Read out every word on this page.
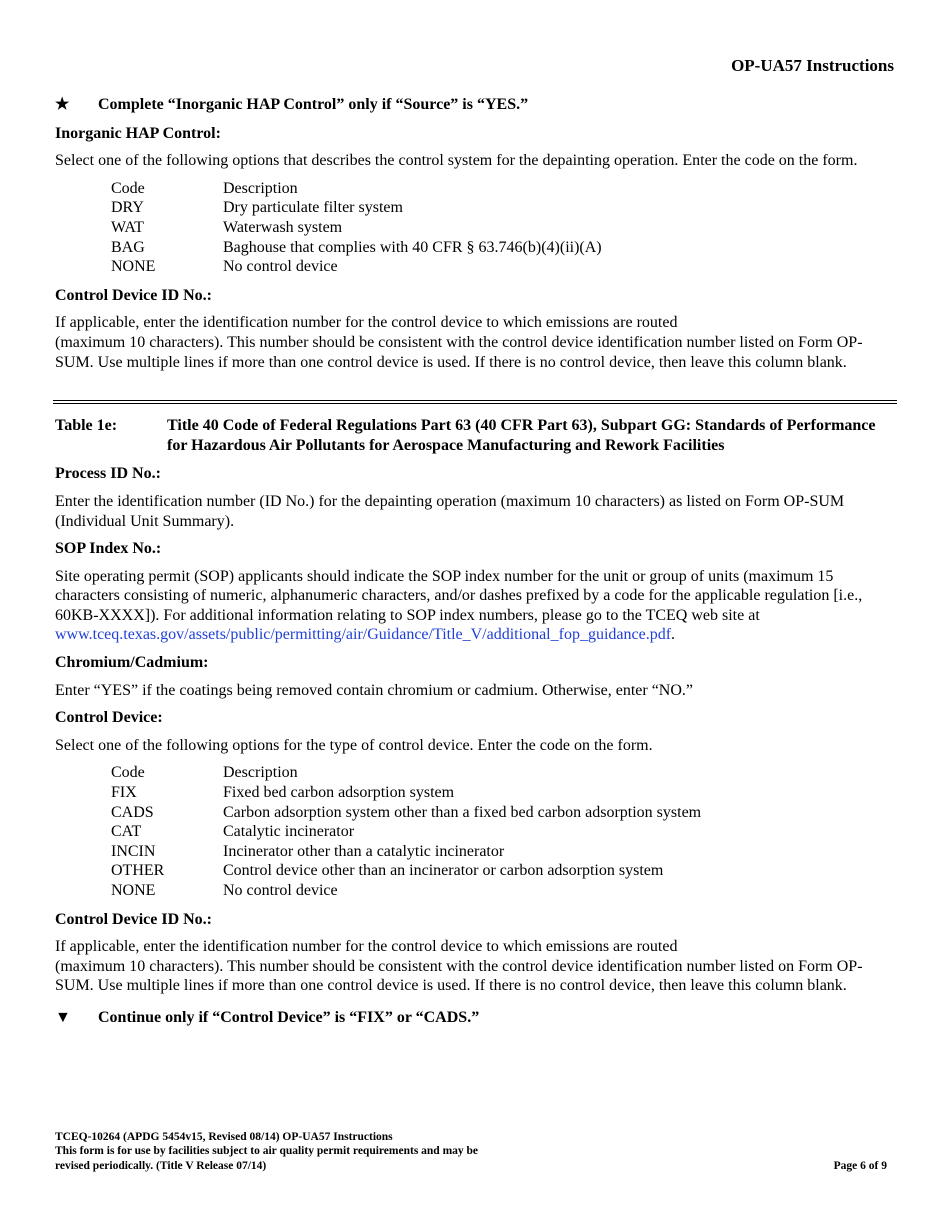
OP-UA57 Instructions
★	Complete “Inorganic HAP Control” only if “Source” is “YES.”
Inorganic HAP Control:

Select one of the following options that describes the control system for the depainting operation. Enter the code on the form.

Code	Description
DRY	Dry particulate filter system
WAT	Waterwash system
BAG	Baghouse that complies with 40 CFR § 63.746(b)(4)(ii)(A)
NONE	No control device
Control Device ID No.:

If applicable, enter the identification number for the control device to which emissions are routed
(maximum 10 characters). This number should be consistent with the control device identification number listed on Form OP-SUM. Use multiple lines if more than one control device is used. If there is no control device, then leave this column blank.

Table 1e:	Title 40 Code of Federal Regulations Part 63 (40 CFR Part 63), Subpart GG: Standards of Performance for Hazardous Air Pollutants for Aerospace Manufacturing and Rework Facilities
Process ID No.:

Enter the identification number (ID No.) for the depainting operation (maximum 10 characters) as listed on Form OP-SUM (Individual Unit Summary).

SOP Index No.:

Site operating permit (SOP) applicants should indicate the SOP index number for the unit or group of units (maximum 15 characters consisting of numeric, alphanumeric characters, and/or dashes prefixed by a code for the applicable regulation [i.e., 60KB-XXXX]). For additional information relating to SOP index numbers, please go to the TCEQ web site at www.tceq.texas.gov/assets/public/permitting/air/Guidance/Title_V/additional_fop_guidance.pdf.

Chromium/Cadmium:

Enter “YES” if the coatings being removed contain chromium or cadmium. Otherwise, enter “NO.”

Control Device:

Select one of the following options for the type of control device. Enter the code on the form.

Code	Description
FIX	Fixed bed carbon adsorption system
CADS	Carbon adsorption system other than a fixed bed carbon adsorption system
CAT	Catalytic incinerator
INCIN	Incinerator other than a catalytic incinerator
OTHER	Control device other than an incinerator or carbon adsorption system
NONE	No control device
Control Device ID No.:

If applicable, enter the identification number for the control device to which emissions are routed
(maximum 10 characters). This number should be consistent with the control device identification number listed on Form OP-SUM. Use multiple lines if more than one control device is used. If there is no control device, then leave this column blank.

▼	Continue only if “Control Device” is “FIX” or “CADS.”
TCEQ-10264 (APDG 5454v15, Revised 08/14) OP-UA57 Instructions
This form is for use by facilities subject to air quality permit requirements and may be
revised periodically. (Title V Release 07/14)	Page 6 of 9
